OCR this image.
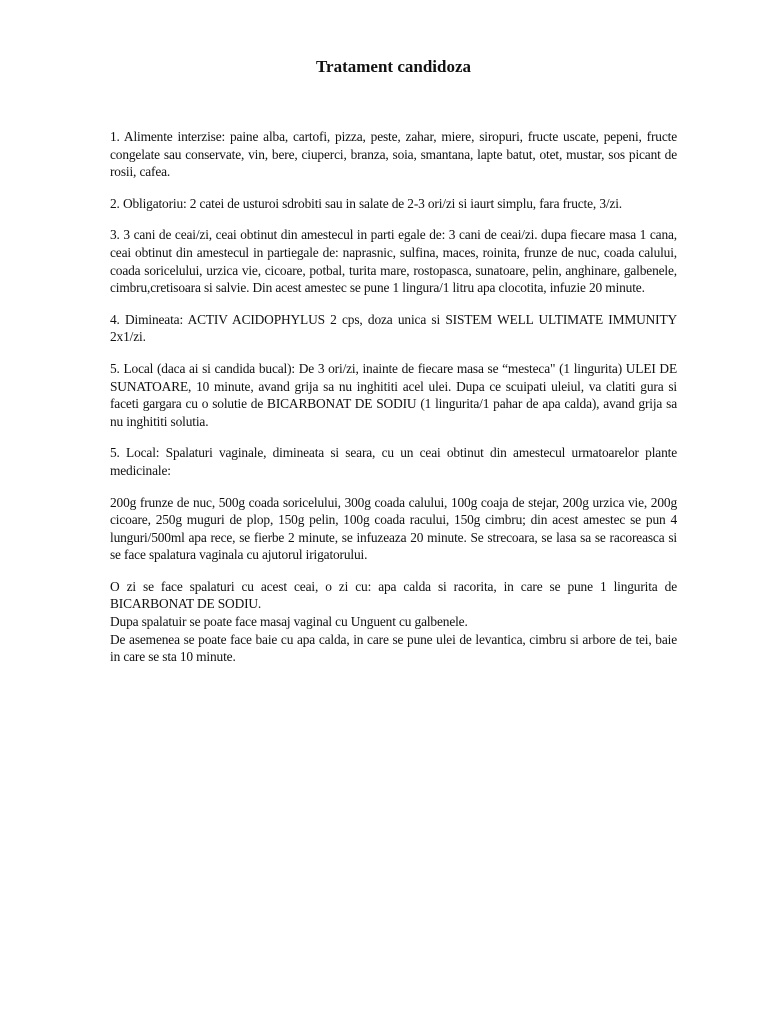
Tratament candidoza

1. Alimente interzise: paine alba, cartofi, pizza, peste, zahar, miere, siropuri, fructe uscate, pepeni, fructe congelate sau conservate, vin, bere, ciuperci, branza, soia, smantana, lapte batut, otet, mustar, sos picant de rosii, cafea.

2. Obligatoriu: 2 catei de usturoi sdrobiti sau in salate de 2-3 ori/zi si iaurt simplu, fara fructe, 3/zi.

3. 3 cani de ceai/zi, ceai obtinut din amestecul in parti egale de: 3 cani de ceai/zi. dupa fiecare masa 1 cana, ceai obtinut din amestecul in partiegale de: naprasnic, sulfina, maces, roinita, frunze de nuc, coada calului, coada soricelului, urzica vie, cicoare, potbal, turita mare, rostopasca, sunatoare, pelin, anghinare, galbenele, cimbru,cretisoara si salvie. Din acest amestec se pune 1 lingura/1 litru apa clocotita, infuzie 20 minute.

4. Dimineata: ACTIV ACIDOPHYLUS 2 cps, doza unica si SISTEM WELL ULTIMATE IMMUNITY 2x1/zi.

5. Local (daca ai si candida bucal): De 3 ori/zi, inainte de fiecare masa se “mesteca" (1 lingurita) ULEI DE SUNATOARE, 10 minute, avand grija sa nu inghititi acel ulei. Dupa ce scuipati uleiul, va clatiti gura si faceti gargara cu o solutie de BICARBONAT DE SODIU (1 lingurita/1 pahar de apa calda), avand grija sa nu inghititi solutia.

5. Local: Spalaturi vaginale, dimineata si seara, cu un ceai obtinut din amestecul urmatoarelor plante medicinale:

200g frunze de nuc, 500g coada soricelului, 300g coada calului, 100g coaja de stejar, 200g urzica vie, 200g cicoare, 250g muguri de plop, 150g pelin, 100g coada racului, 150g cimbru; din acest amestec se pun 4 lunguri/500ml apa rece, se fierbe 2 minute, se infuzeaza 20 minute. Se strecoara, se lasa sa se racoreasca si se face spalatura vaginala cu ajutorul irigatorului.

O zi se face spalaturi cu acest ceai, o zi cu: apa calda si racorita, in care se pune 1 lingurita de BICARBONAT DE SODIU.

Dupa spalatuir se poate face masaj vaginal cu Unguent cu galbenele.

De asemenea se poate face baie cu apa calda, in care se pune ulei de levantica, cimbru si arbore de tei, baie in care se sta 10 minute.
